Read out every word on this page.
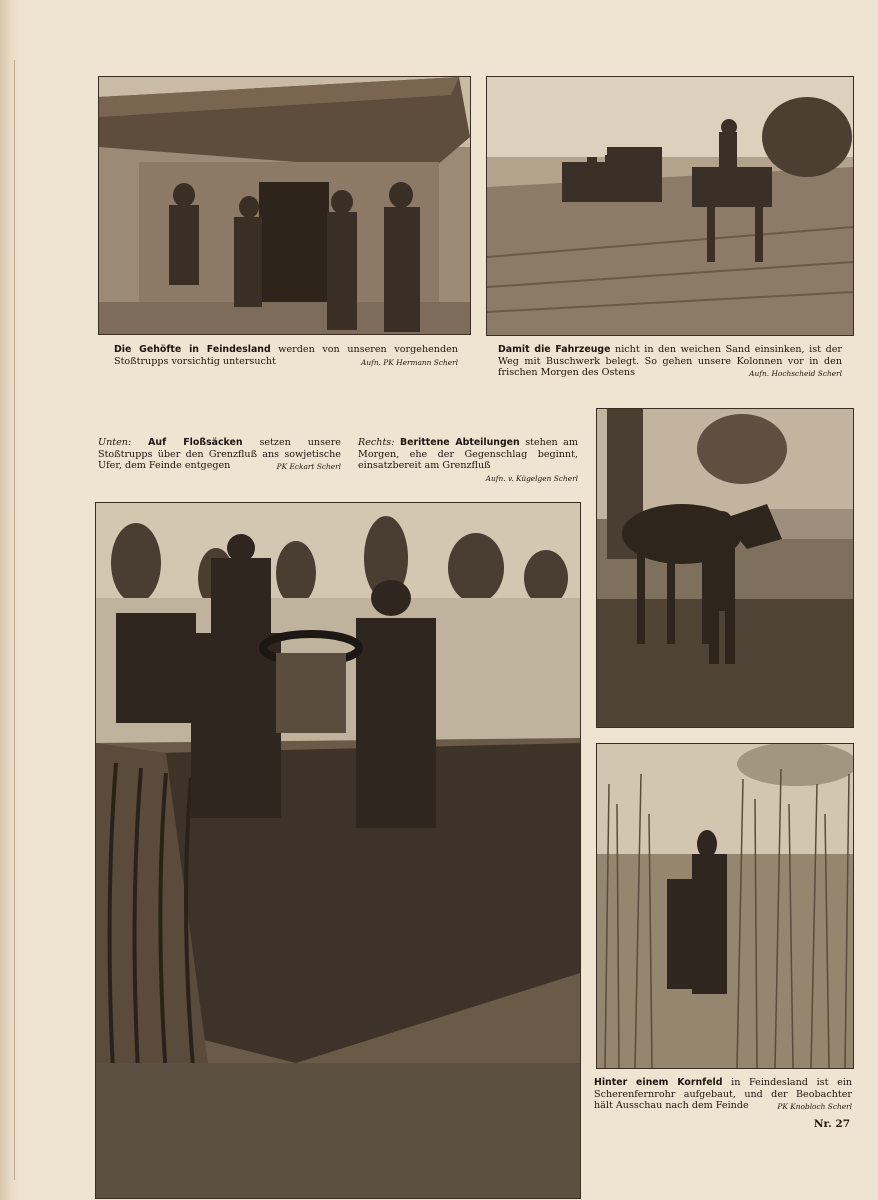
Die Gehöfte in Feindesland werden von unseren vorgehenden Stoßtrupps vorsichtig untersucht	Aufn. PK Hermann Scherl
Damit die Fahrzeuge nicht in den weichen Sand einsinken, ist der Weg mit Buschwerk belegt. So gehen unsere Kolonnen vor in den frischen Morgen des Ostens	Aufn. Hochscheid Scherl
Unten: Auf Floßsäcken setzen unsere Stoßtrupps über den Grenzfluß ans sowjetische Ufer, dem Feinde entgegen	PK Eckart Scherl
Rechts: Berittene Abteilungen stehen am Morgen, ehe der Gegenschlag beginnt, einsatzbereit am Grenzfluß
Aufn. v. Kügelgen Scherl
Hinter einem Kornfeld in Feindesland ist ein Scherenfernrohr aufgebaut, und der Beobachter hält Ausschau nach dem Feinde	PK Knobloch Scherl
Nr. 27
